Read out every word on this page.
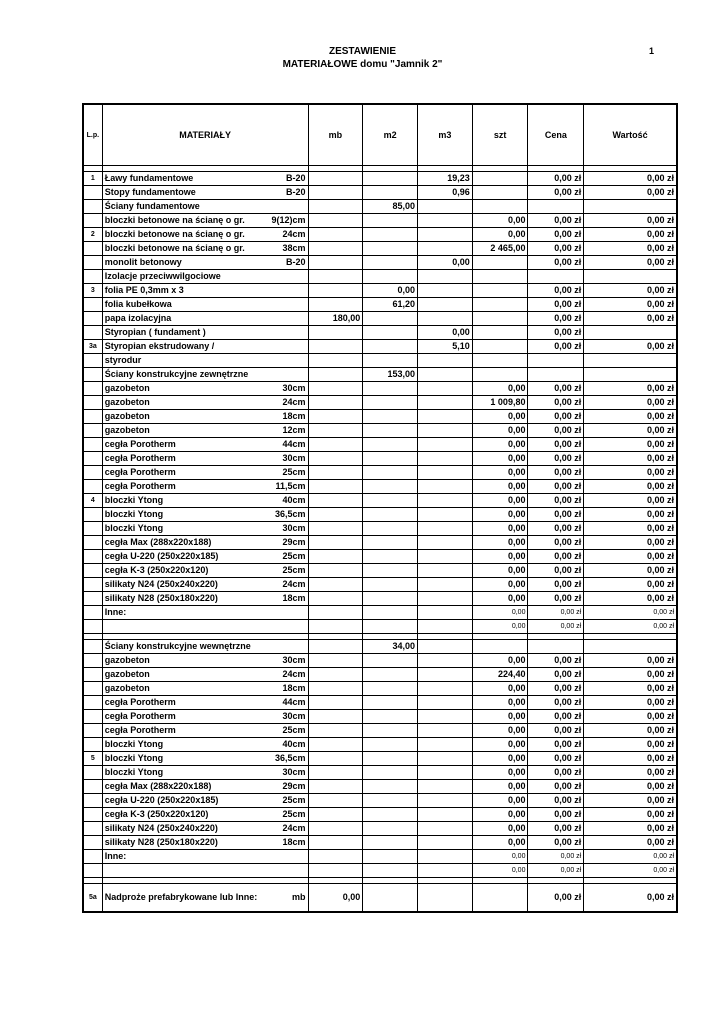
ZESTAWIENIE
MATERIAŁOWE domu "Jamnik 2"
1
L.p.	MATERIAŁY	mb	m2	m3	szt	Cena	Wartość

1	Ławy fundamentowe B-20			19,23		0,00 zł	0,00 zł

	Stopy fundamentowe B-20			0,96		0,00 zł	0,00 zł

	Ściany fundamentowe		85,00				

	bloczki betonowe na ścianę o gr. 9(12)cm				0,00	0,00 zł	0,00 zł
2	bloczki betonowe na ścianę o gr. 24cm				0,00	0,00 zł	0,00 zł

	bloczki betonowe na ścianę o gr. 38cm				2 465,00	0,00 zł	0,00 zł

	monolit betonowy B-20			0,00		0,00 zł	0,00 zł

	Izolacje przeciwwilgociowe						

3	folia PE 0,3mm x 3		0,00			0,00 zł	0,00 zł

	folia kubełkowa		61,20			0,00 zł	0,00 zł

	papa izolacyjna	180,00				0,00 zł	0,00 zł

	Styropian ( fundament )			0,00		0,00 zł	
3a	Styropian ekstrudowany /			5,10		0,00 zł	0,00 zł

	styrodur						

	Ściany konstrukcyjne zewnętrzne		153,00				

	gazobeton 30cm				0,00	0,00 zł	0,00 zł

	gazobeton 24cm				1 009,80	0,00 zł	0,00 zł

	gazobeton 18cm				0,00	0,00 zł	0,00 zł

	gazobeton 12cm				0,00	0,00 zł	0,00 zł

	cegła Porotherm 44cm				0,00	0,00 zł	0,00 zł

	cegła Porotherm 30cm				0,00	0,00 zł	0,00 zł

	cegła Porotherm 25cm				0,00	0,00 zł	0,00 zł

	cegła Porotherm 11,5cm				0,00	0,00 zł	0,00 zł
4	bloczki Ytong 40cm				0,00	0,00 zł	0,00 zł

	bloczki Ytong 36,5cm				0,00	0,00 zł	0,00 zł

	bloczki Ytong 30cm				0,00	0,00 zł	0,00 zł

	cegła Max (288x220x188) 29cm				0,00	0,00 zł	0,00 zł

	cegła U-220 (250x220x185) 25cm				0,00	0,00 zł	0,00 zł

	cegła K-3 (250x220x120) 25cm				0,00	0,00 zł	0,00 zł

	silikaty N24 (250x240x220) 24cm				0,00	0,00 zł	0,00 zł

	silikaty N28 (250x180x220) 18cm				0,00	0,00 zł	0,00 zł

	Inne:				0,00	0,00 zł	0,00 zł

				0,00	0,00 zł	0,00 zł

	Ściany konstrukcyjne wewnętrzne		34,00				

	gazobeton 30cm				0,00	0,00 zł	0,00 zł

	gazobeton 24cm				224,40	0,00 zł	0,00 zł

	gazobeton 18cm				0,00	0,00 zł	0,00 zł

	cegła Porotherm 44cm				0,00	0,00 zł	0,00 zł

	cegła Porotherm 30cm				0,00	0,00 zł	0,00 zł

	cegła Porotherm 25cm				0,00	0,00 zł	0,00 zł

	bloczki Ytong 40cm				0,00	0,00 zł	0,00 zł
5	bloczki Ytong 36,5cm				0,00	0,00 zł	0,00 zł

	bloczki Ytong 30cm				0,00	0,00 zł	0,00 zł

	cegła Max (288x220x188) 29cm				0,00	0,00 zł	0,00 zł

	cegła U-220 (250x220x185) 25cm				0,00	0,00 zł	0,00 zł

	cegła K-3 (250x220x120) 25cm				0,00	0,00 zł	0,00 zł

	silikaty N24 (250x240x220) 24cm				0,00	0,00 zł	0,00 zł

	silikaty N28 (250x180x220) 18cm				0,00	0,00 zł	0,00 zł

	Inne:				0,00	0,00 zł	0,00 zł

				0,00	0,00 zł	0,00 zł

5a	Nadproże prefabrykowane lub Inne: mb	0,00				0,00 zł	0,00 zł
